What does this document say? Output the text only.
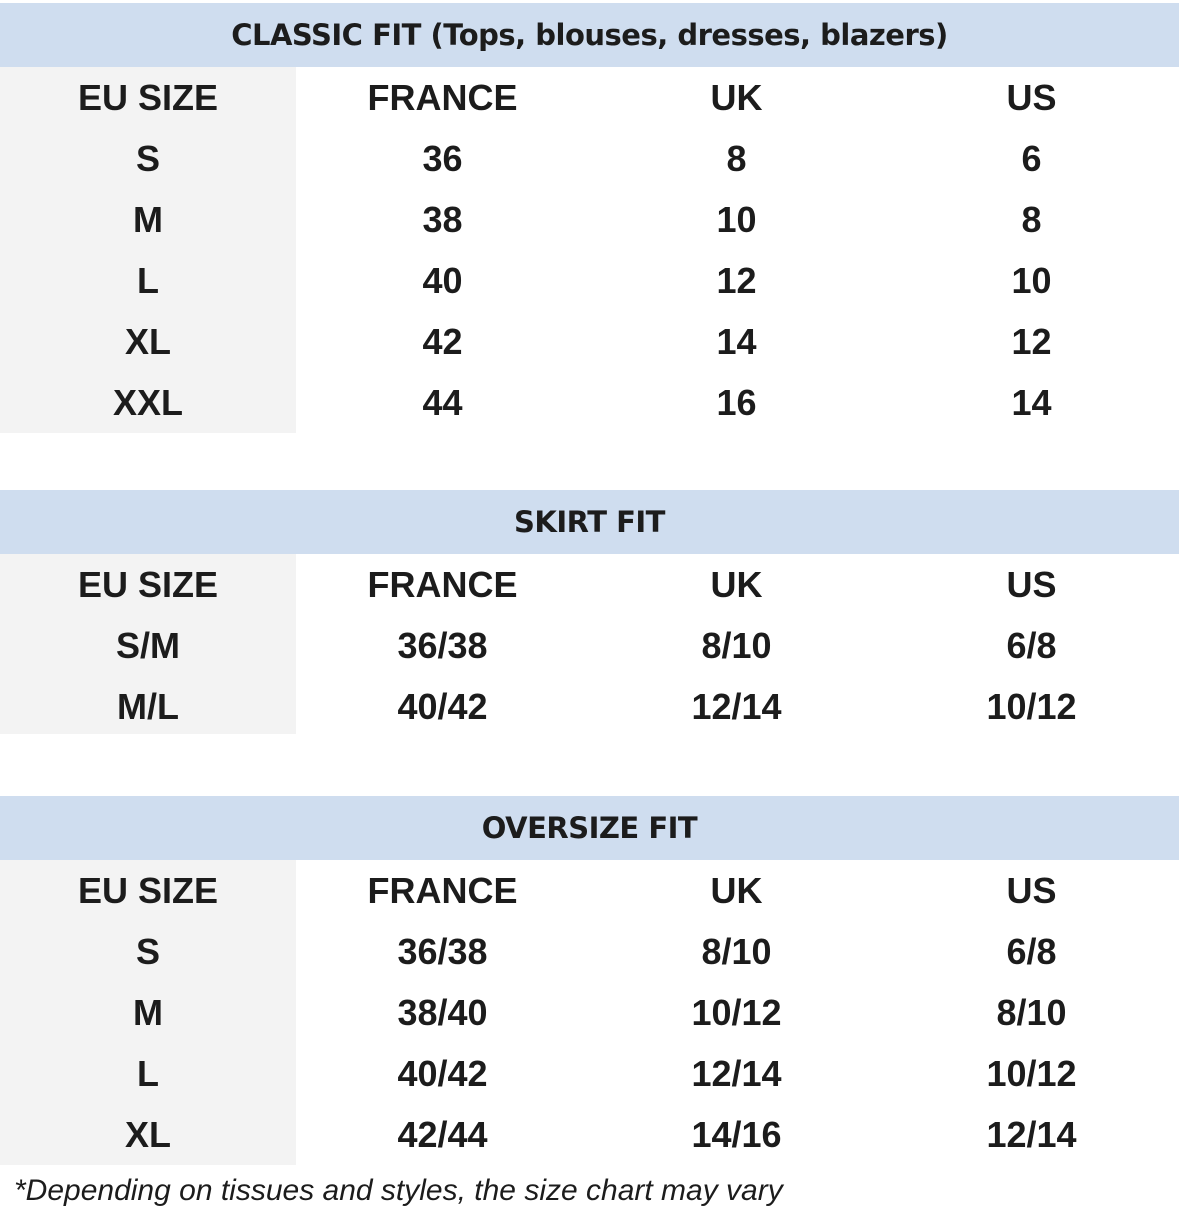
CLASSIC FIT (Tops, blouses, dresses, blazers)
EU SIZE	FRANCE	UK	US
S	36	8	6
M	38	10	8
L	40	12	10
XL	42	14	12
XXL	44	16	14
SKIRT FIT
EU SIZE	FRANCE	UK	US
S/M	36/38	8/10	6/8
M/L	40/42	12/14	10/12
OVERSIZE FIT
EU SIZE	FRANCE	UK	US
S	36/38	8/10	6/8
M	38/40	10/12	8/10
L	40/42	12/14	10/12
XL	42/44	14/16	12/14
*Depending on tissues and styles, the size chart may vary
